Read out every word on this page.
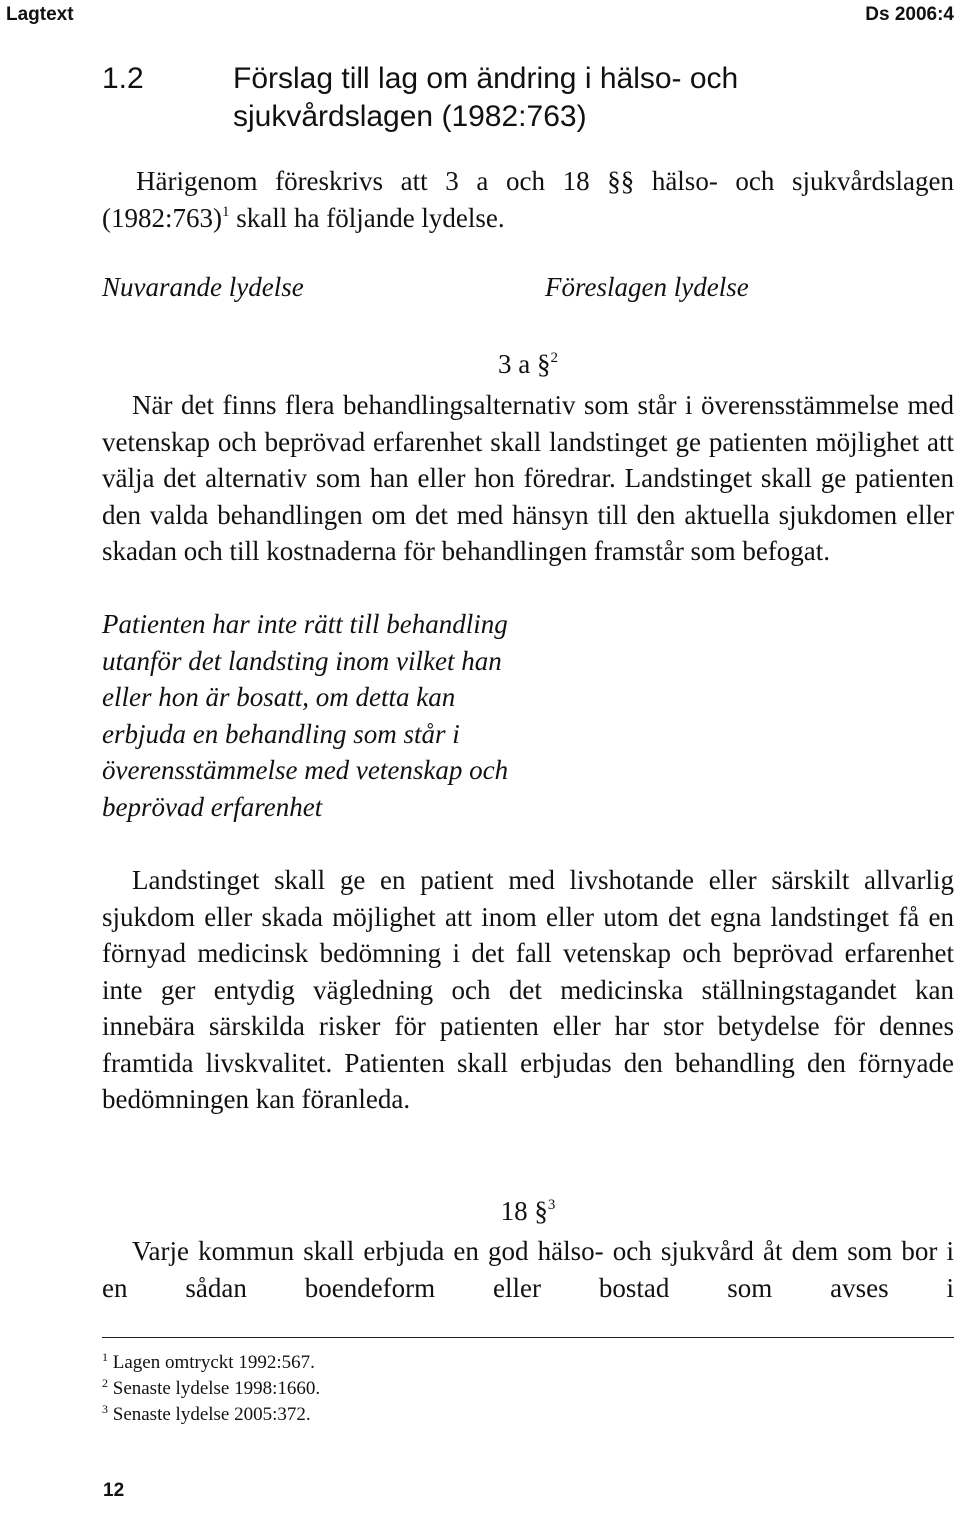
Lagtext	Ds 2006:4
1.2	Förslag till lag om ändring i hälso- och sjukvårdslagen (1982:763)
Härigenom föreskrivs att 3 a och 18 §§ hälso- och sjukvårdslagen (1982:763)$^1$ skall ha följande lydelse.
Nuvarande lydelse	Föreslagen lydelse
3 a §$^2$
När det finns flera behandlingsalternativ som står i överensstämmelse med vetenskap och beprövad erfarenhet skall landstinget ge patienten möjlighet att välja det alternativ som han eller hon föredrar. Landstinget skall ge patienten den valda behandlingen om det med hänsyn till den aktuella sjukdomen eller skadan och till kostnaderna för behandlingen framstår som befogat.
Patienten har inte rätt till behandling utanför det landsting inom vilket han eller hon är bosatt, om detta kan erbjuda en behandling som står i överensstämmelse med vetenskap och beprövad erfarenhet
Landstinget skall ge en patient med livshotande eller särskilt allvarlig sjukdom eller skada möjlighet att inom eller utom det egna landstinget få en förnyad medicinsk bedömning i det fall vetenskap och beprövad erfarenhet inte ger entydig vägledning och det medicinska ställningstagandet kan innebära särskilda risker för patienten eller har stor betydelse för dennes framtida livskvalitet. Patienten skall erbjudas den behandling den förnyade bedömningen kan föranleda.
18 §$^3$
Varje kommun skall erbjuda en god hälso- och sjukvård åt dem som bor i en sådan boendeform eller bostad som avses i
$^1$ Lagen omtryckt 1992:567.
$^2$ Senaste lydelse 1998:1660.
$^3$ Senaste lydelse 2005:372.
12
